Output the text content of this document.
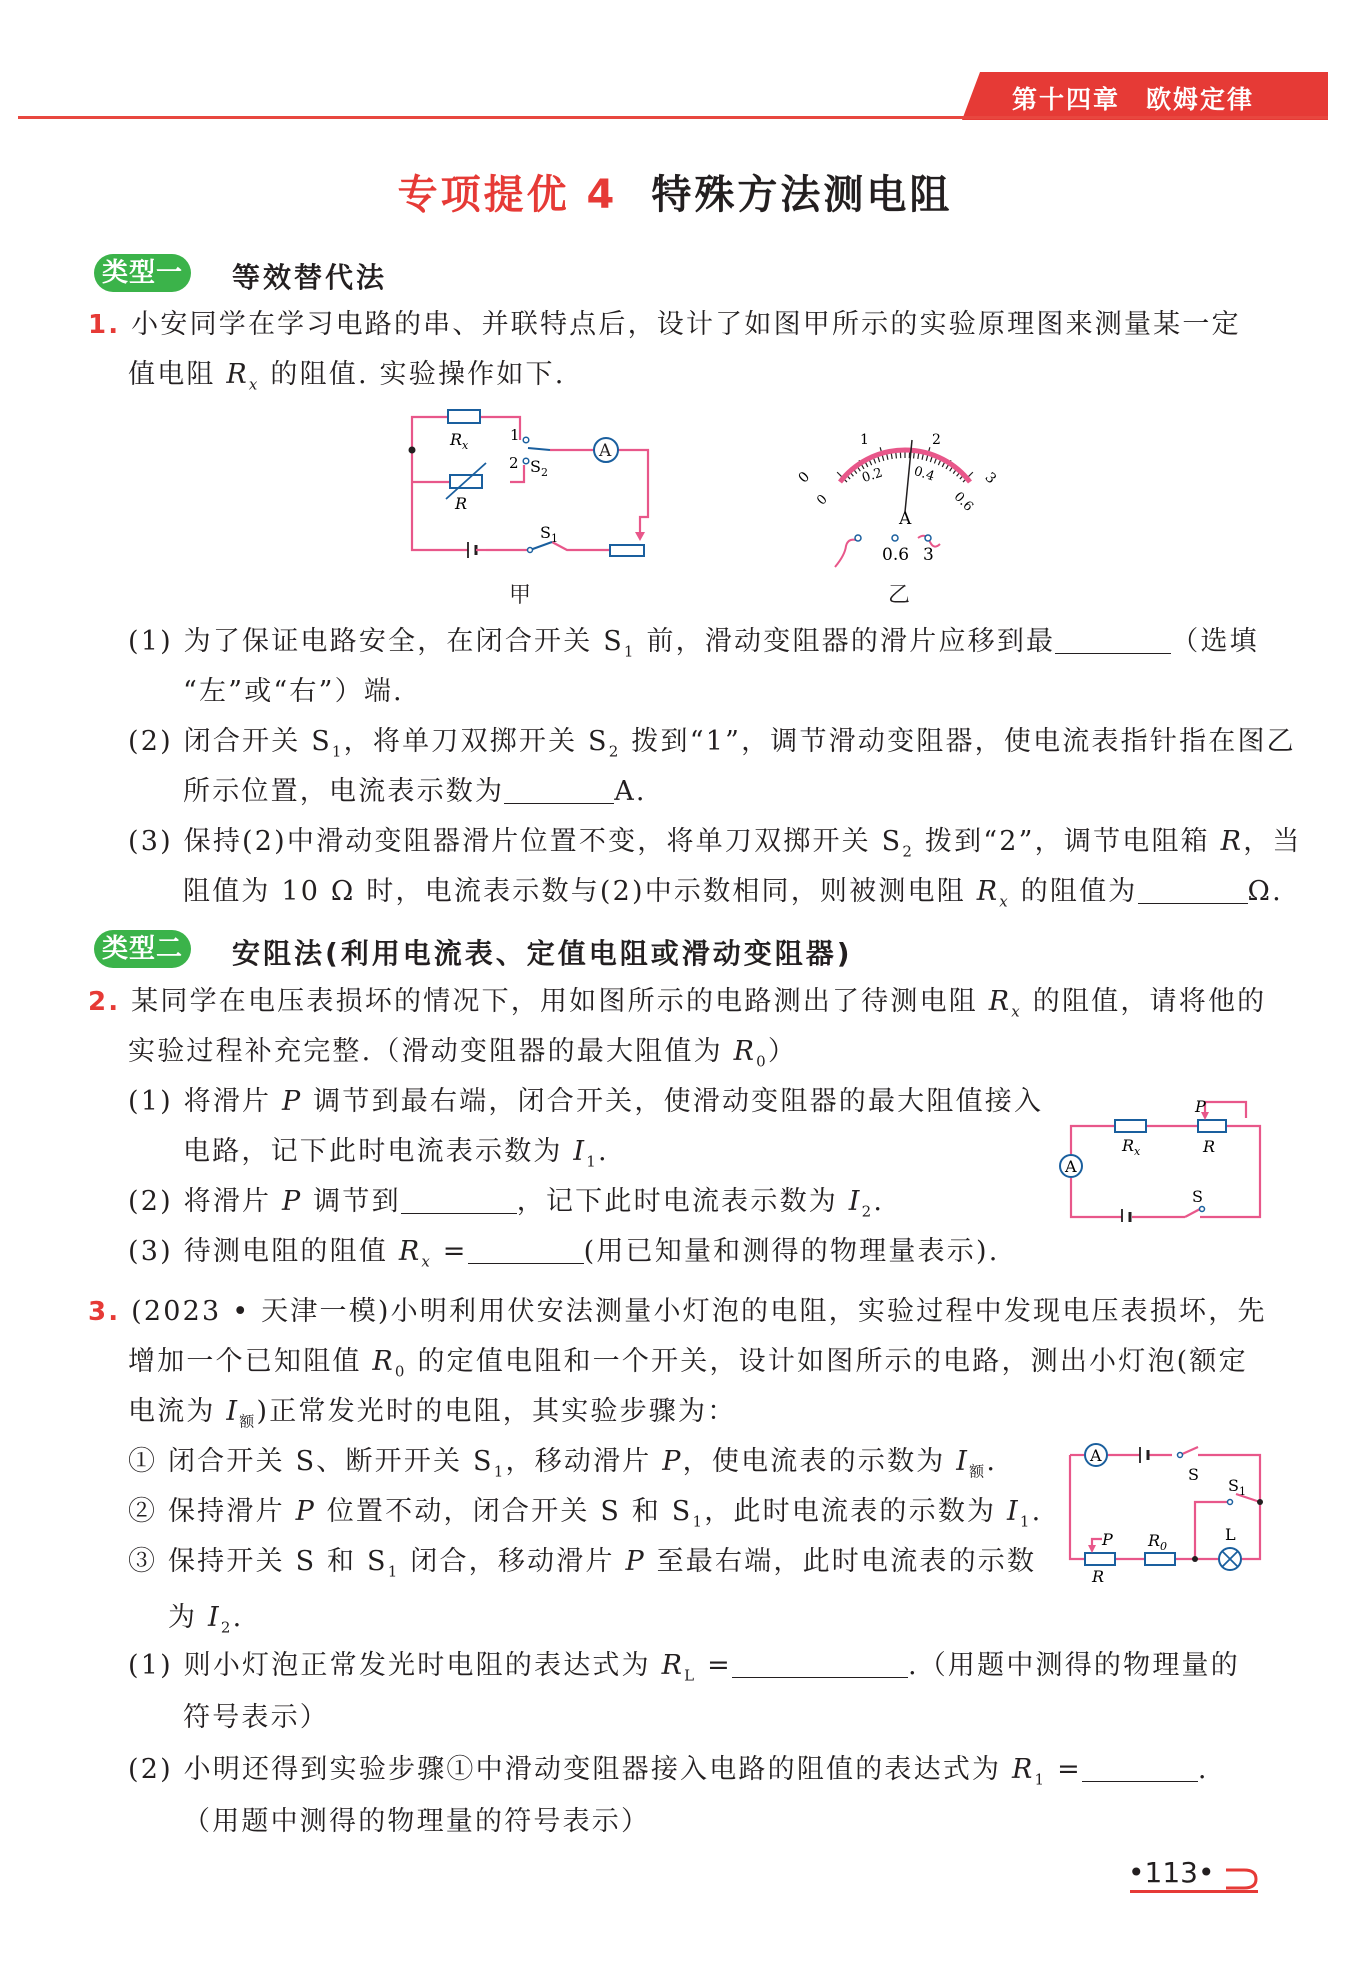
第十四章 欧姆定律
专项提优 4 特殊方法测电阻
类型一 等效替代法
1. 小安同学在学习电路的串、并联特点后，设计了如图甲所示的实验原理图来测量某一定
值电阻 $R_x$ 的阻值. 实验操作如下.
A
$R_x$
R
1
2 $S_2$
$S_1$
甲
0
1	2
3
0
0.2 0.4
0.6
A
0.6 3
乙
(1) 为了保证电路安全，在闭合开关 $S_1$ 前，滑动变阻器的滑片应移到最	（选填
“左”或“右”）端.
(2) 闭合开关 $S_1$，将单刀双掷开关 $S_2$ 拨到“1”，调节滑动变阻器，使电流表指针指在图乙
所示位置，电流表示数为	A.
(3) 保持(2)中滑动变阻器滑片位置不变，将单刀双掷开关 $S_2$ 拨到“2”，调节电阻箱 R，当
阻值为 10 Ω 时，电流表示数与(2)中示数相同，则被测电阻 $R_x$ 的阻值为	Ω.
类型二 安阻法(利用电流表、定值电阻或滑动变阻器)
2. 某同学在电压表损坏的情况下，用如图所示的电路测出了待测电阻 $R_x$ 的阻值，请将他的
实验过程补充完整.（滑动变阻器的最大阻值为 $R_0$）
(1) 将滑片 P 调节到最右端，闭合开关，使滑动变阻器的最大阻值接入
电路，记下此时电流表示数为 $I_1$.
(2) 将滑片 P 调节到	，记下此时电流表示数为 $I_2$.
(3) 待测电阻的阻值 $R_x$ =	(用已知量和测得的物理量表示).
A
$R_x$	R
P
S
3. (2023 • 天津一模)小明利用伏安法测量小灯泡的电阻，实验过程中发现电压表损坏，先
增加一个已知阻值 $R_0$ 的定值电阻和一个开关，设计如图所示的电路，测出小灯泡(额定
电流为 $I_额$)正常发光时的电阻，其实验步骤为：
① 闭合开关 S、断开开关 $S_1$，移动滑片 P，使电流表的示数为 $I_额$.
② 保持滑片 P 位置不动，闭合开关 S 和 $S_1$，此时电流表的示数为 $I_1$.
③ 保持开关 S 和 $S_1$ 闭合，移动滑片 P 至最右端，此时电流表的示数
为 $I_2$.
A
S
$S_1$
L
P $R_0$
R
(1) 则小灯泡正常发光时电阻的表达式为 $R_L$ =	.（用题中测得的物理量的
符号表示）
(2) 小明还得到实验步骤①中滑动变阻器接入电路的阻值的表达式为 $R_1$ =	.
（用题中测得的物理量的符号表示）
•113•
